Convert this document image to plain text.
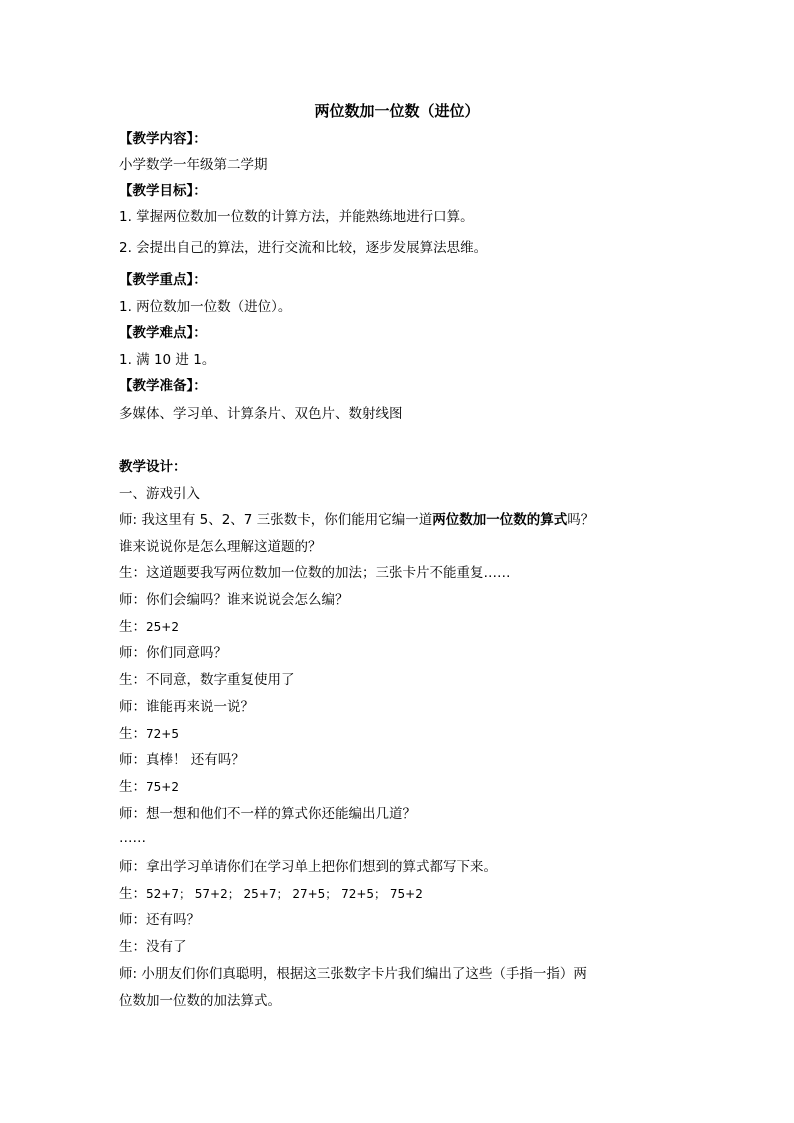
两位数加一位数（进位）
【教学内容】：
小学数学一年级第二学期
【教学目标】：
1. 掌握两位数加一位数的计算方法，并能熟练地进行口算。
2. 会提出自己的算法，进行交流和比较，逐步发展算法思维。
【教学重点】：
1. 两位数加一位数（进位）。
【教学难点】：
1. 满 10 进 1。
【教学准备】：
多媒体、学习单、计算条片、双色片、数射线图
教学设计：
一、游戏引入
师: 我这里有 5、2、7 三张数卡，你们能用它编一道两位数加一位数的算式吗？
谁来说说你是怎么理解这道题的？
生：这道题要我写两位数加一位数的加法；三张卡片不能重复……
师：你们会编吗？谁来说说会怎么编？
生：25+2
师：你们同意吗？
生：不同意，数字重复使用了
师：谁能再来说一说？
生：72+5
师：真棒！ 还有吗？
生：75+2
师：想一想和他们不一样的算式你还能编出几道？
……
师：拿出学习单请你们在学习单上把你们想到的算式都写下来。
生：52+7； 57+2； 25+7； 27+5； 72+5； 75+2
师：还有吗？
生：没有了
师: 小朋友们你们真聪明，根据这三张数字卡片我们编出了这些（手指一指）两
位数加一位数的加法算式。
